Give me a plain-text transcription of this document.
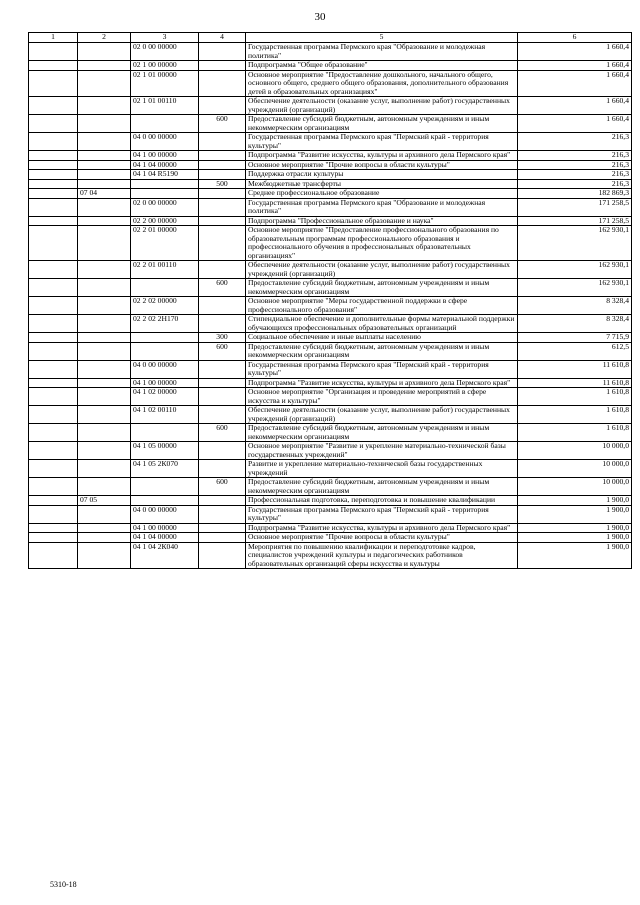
30
1	2	3	4	5	6
		02 0 00 00000		Государственная программа Пермского края "Образование и молодежная политика"	1 660,4
		02 1 00 00000		Подпрограмма "Общее образование"	1 660,4
		02 1 01 00000		Основное мероприятие "Предоставление дошкольного, начального общего, основного общего, среднего общего образования, дополнительного образования детей в образовательных организациях"	1 660,4
		02 1 01 00110		Обеспечение деятельности (оказание услуг, выполнение работ) государственных учреждений (организаций)	1 660,4
			600	Предоставление субсидий бюджетным, автономным учреждениям и иным некоммерческим организациям	1 660,4
		04 0 00 00000		Государственная программа Пермского края "Пермский край - территория культуры"	216,3
		04 1 00 00000		Подпрограмма "Развитие искусства, культуры и архивного дела Пермского края"	216,3
		04 1 04 00000		Основное мероприятие "Прочие вопросы в области культуры"	216,3
		04 1 04 R5190		Поддержка отрасли культуры	216,3
			500	Межбюджетные трансферты	216,3
	07 04			Среднее профессиональное образование	182 869,3
		02 0 00 00000		Государственная программа Пермского края "Образование и молодежная политика"	171 258,5
		02 2 00 00000		Подпрограмма "Профессиональное образование и наука"	171 258,5
		02 2 01 00000		Основное мероприятие "Предоставление профессионального образования по образовательным программам профессионального образования и профессионального обучения в профессиональных образовательных организациях"	162 930,1
		02 2 01 00110		Обеспечение деятельности (оказание услуг, выполнение работ) государственных учреждений (организаций)	162 930,1
			600	Предоставление субсидий бюджетным, автономным учреждениям и иным некоммерческим организациям	162 930,1
		02 2 02 00000		Основное мероприятие "Меры государственной поддержки в сфере профессионального образования"	8 328,4
		02 2 02 2Н170		Стипендиальное обеспечение и дополнительные формы материальной поддержки обучающихся профессиональных образовательных организаций	8 328,4
			300	Социальное обеспечение и иные выплаты населению	7 715,9
			600	Предоставление субсидий бюджетным, автономным учреждениям и иным некоммерческим организациям	612,5
		04 0 00 00000		Государственная программа Пермского края "Пермский край - территория культуры"	11 610,8
		04 1 00 00000		Подпрограмма "Развитие искусства, культуры и архивного дела Пермского края"	11 610,8
		04 1 02 00000		Основное мероприятие "Организация и проведение мероприятий в сфере искусства и культуры"	1 610,8
		04 1 02 00110		Обеспечение деятельности (оказание услуг, выполнение работ) государственных учреждений (организаций)	1 610,8
			600	Предоставление субсидий бюджетным, автономным учреждениям и иным некоммерческим организациям	1 610,8
		04 1 05 00000		Основное мероприятие "Развитие и укрепление материально-технической базы государственных учреждений"	10 000,0
		04 1 05 2К070		Развитие и укрепление материально-технической базы государственных учреждений	10 000,0
			600	Предоставление субсидий бюджетным, автономным учреждениям и иным некоммерческим организациям	10 000,0
	07 05			Профессиональная подготовка, переподготовка и повышение квалификации	1 900,0
		04 0 00 00000		Государственная программа Пермского края "Пермский край - территория культуры"	1 900,0
		04 1 00 00000		Подпрограмма "Развитие искусства, культуры и архивного дела Пермского края"	1 900,0
		04 1 04 00000		Основное мероприятие "Прочие вопросы в области культуры"	1 900,0
		04 1 04 2К040		Мероприятия по повышению квалификации и переподготовке кадров, специалистов учреждений культуры и педагогических работников образовательных организаций сферы искусства и культуры	1 900,0
5310-18
